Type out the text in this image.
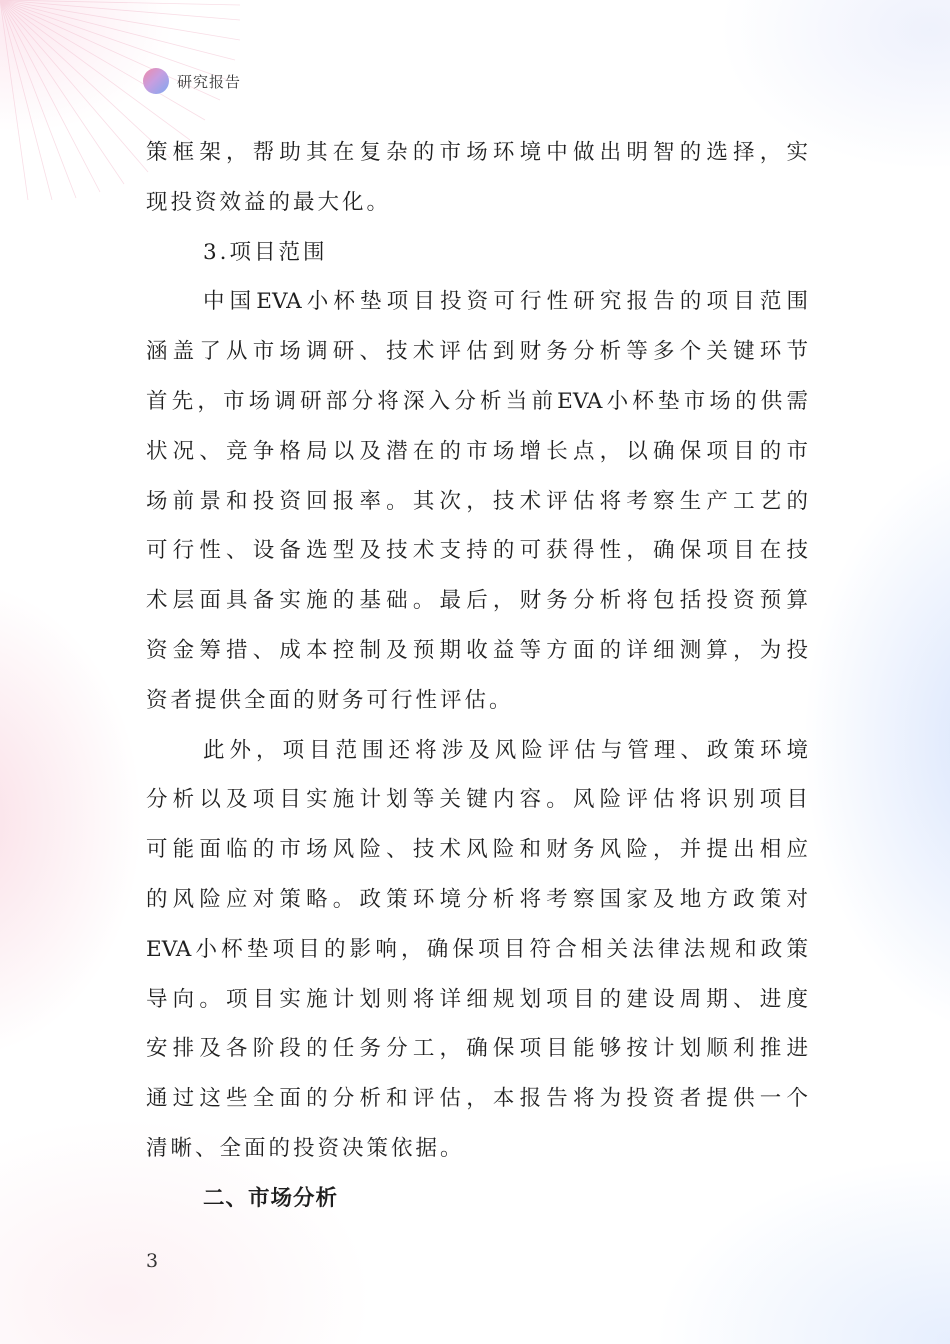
研究报告
策框架，帮助其在复杂的市场环境中做出明智的选择，实
现投资效益的最大化。
3.项目范围
中国EVA小杯垫项目投资可行性研究报告的项目范围
涵盖了从市场调研、技术评估到财务分析等多个关键环节
首先，市场调研部分将深入分析当前EVA小杯垫市场的供需
状况、竞争格局以及潜在的市场增长点，以确保项目的市
场前景和投资回报率。其次，技术评估将考察生产工艺的
可行性、设备选型及技术支持的可获得性，确保项目在技
术层面具备实施的基础。最后，财务分析将包括投资预算
资金筹措、成本控制及预期收益等方面的详细测算，为投
资者提供全面的财务可行性评估。
此外，项目范围还将涉及风险评估与管理、政策环境
分析以及项目实施计划等关键内容。风险评估将识别项目
可能面临的市场风险、技术风险和财务风险，并提出相应
的风险应对策略。政策环境分析将考察国家及地方政策对
EVA小杯垫项目的影响，确保项目符合相关法律法规和政策
导向。项目实施计划则将详细规划项目的建设周期、进度
安排及各阶段的任务分工，确保项目能够按计划顺利推进
通过这些全面的分析和评估，本报告将为投资者提供一个
清晰、全面的投资决策依据。
二、市场分析
3
